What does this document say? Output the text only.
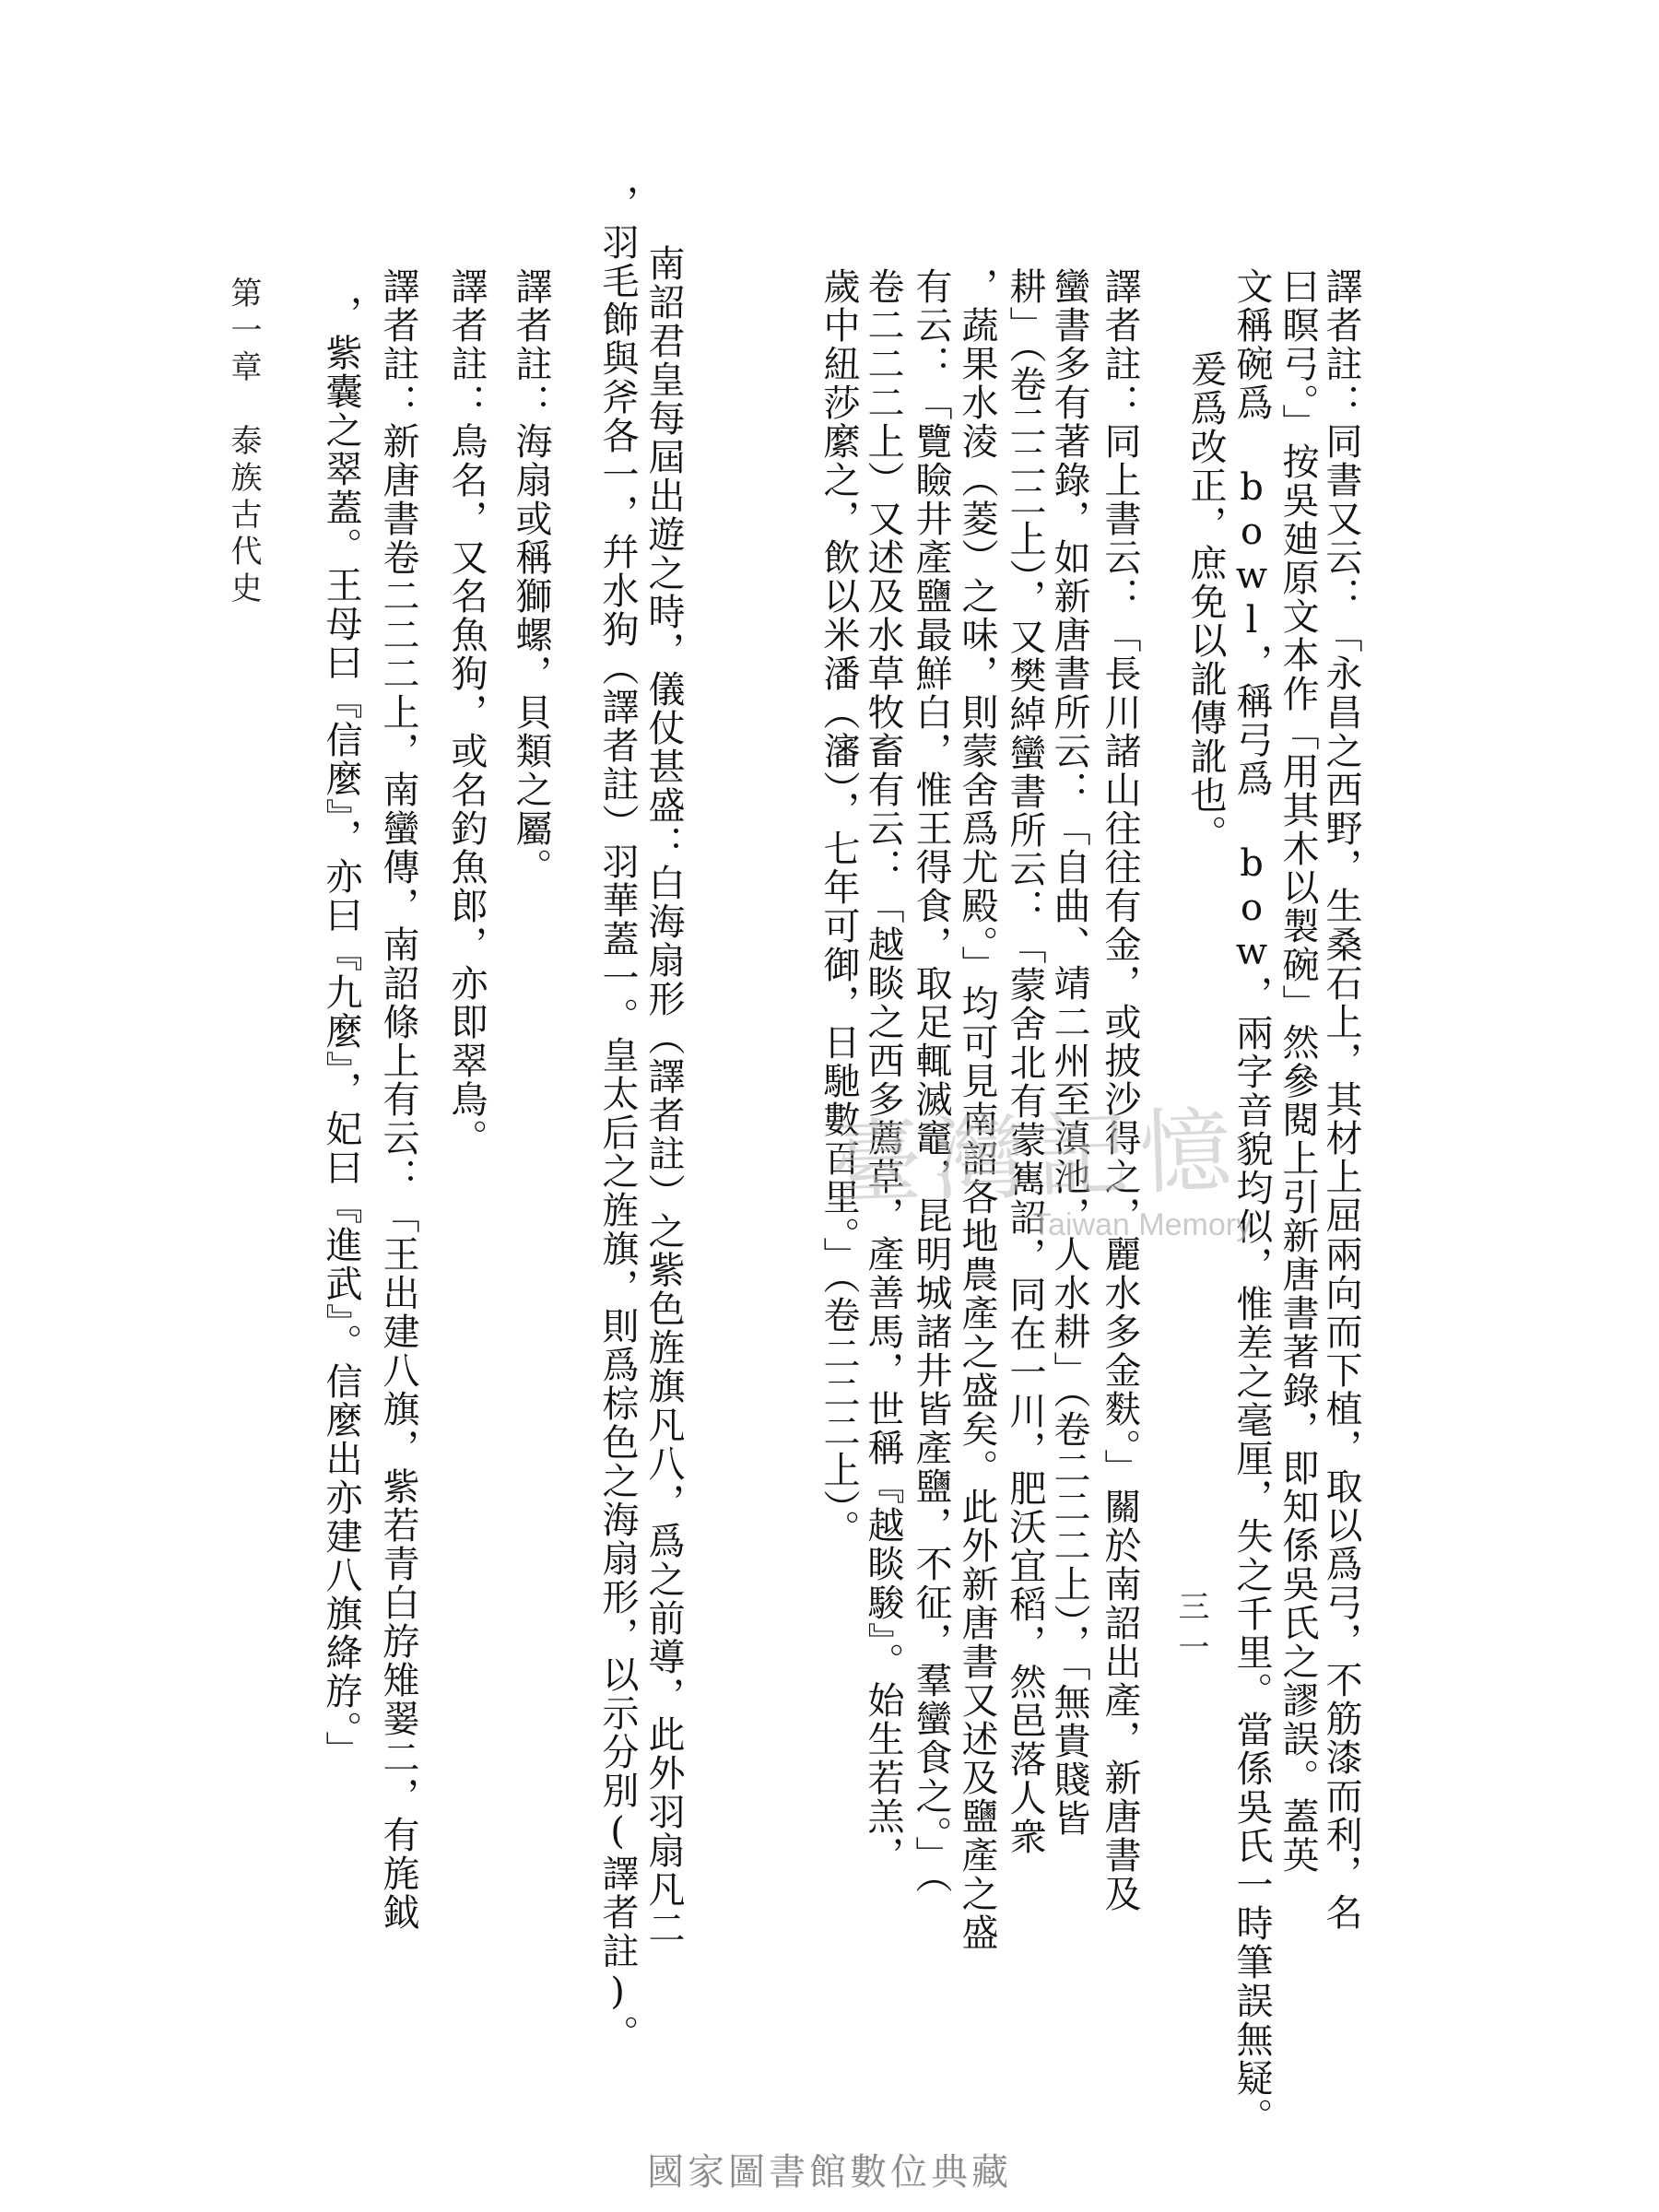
譯者註：同書又云：「永昌之西野，生桑石上，其材上屈兩向而下植，取以爲弓，不筋漆而利，名
曰瞑弓。」按吳廸原文本作「用其木以製碗」然參閱上引新唐書著錄，即知係吳氏之謬誤。蓋英
文稱碗爲 bowl，稱弓爲 bow，兩字音貌均似，惟差之毫厘，失之千里。當係吳氏一時筆誤無疑。
爰爲改正，庶免以訛傳訛也。
譯者註：同上書云：「長川諸山往往有金，或披沙得之，麗水多金麩。」關於南詔出產，新唐書及
蠻書多有著錄，如新唐書所云：「自曲、靖二州至滇池，人水耕」（卷二二二上），「無貴賤皆
耕」（卷二二二上），又樊綽蠻書所云：「蒙舍北有蒙嶲詔，同在一川，肥沃宜稻，然邑落人衆
，蔬果水淩（菱）之味，則蒙舍爲尤殿。」均可見南詔各地農產之盛矣。此外新唐書又述及鹽產之盛
有云：「覽瞼井產鹽最鮮白，惟王得食，取足輒滅竈，昆明城諸井皆產鹽，不征，羣蠻食之。」（
卷二二二上）又述及水草牧畜有云：「越睒之西多薦草，產善馬，世稱『越睒駿』。始生若羔，
歲中紐莎縻之，飲以米潘（瀋），七年可御，日馳數百里。」（卷二二二上）。
南詔君皇每屆出遊之時，儀仗甚盛：白海扇形（譯者註）之紫色旌旗凡八，爲之前導，此外羽扇凡二
，羽毛飾與斧各一，幷水狗（譯者註）羽華蓋一。皇太后之旌旗，則爲棕色之海扇形，以示分別(譯者註)。
譯者註：海扇或稱獅螺，貝類之屬。
譯者註：鳥名，又名魚狗，或名釣魚郎，亦即翠鳥。
譯者註：新唐書卷二二二上，南蠻傳，南詔條上有云：「王出建八旗，紫若青白斿雉翣二，有旄鉞
，紫囊之翠蓋。王母曰『信麼』，亦曰『九麼』，妃曰『進武』。信麼出亦建八旗絳斿。」
第一章　泰族古代史
三一
臺灣記憶
Taiwan Memory
國家圖書館數位典藏
